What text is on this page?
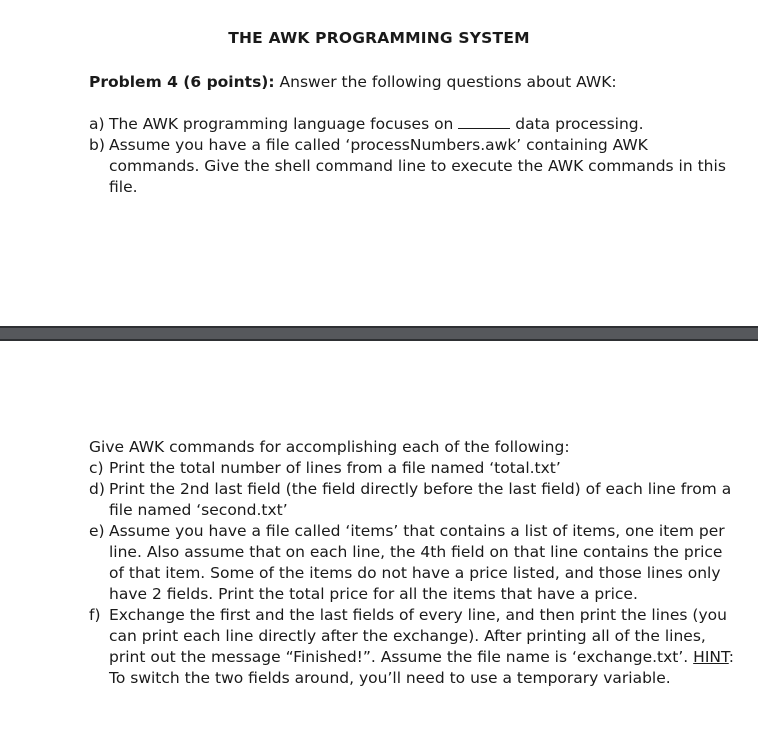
THE AWK PROGRAMMING SYSTEM
Problem 4 (6 points): Answer the following questions about AWK:
a) The AWK programming language focuses on	data processing.
b) Assume you have a file called ‘processNumbers.awk’ containing AWK commands. Give the shell command line to execute the AWK commands in this file.
Give AWK commands for accomplishing each of the following:
c) Print the total number of lines from a file named ‘total.txt’
d) Print the 2nd last field (the field directly before the last field) of each line from a file named ‘second.txt’
e) Assume you have a file called ‘items’ that contains a list of items, one item per line. Also assume that on each line, the 4th field on that line contains the price of that item. Some of the items do not have a price listed, and those lines only have 2 fields. Print the total price for all the items that have a price.
f) Exchange the first and the last fields of every line, and then print the lines (you can print each line directly after the exchange). After printing all of the lines, print out the message “Finished!”. Assume the file name is ‘exchange.txt’. HINT: To switch the two fields around, you’ll need to use a temporary variable.
